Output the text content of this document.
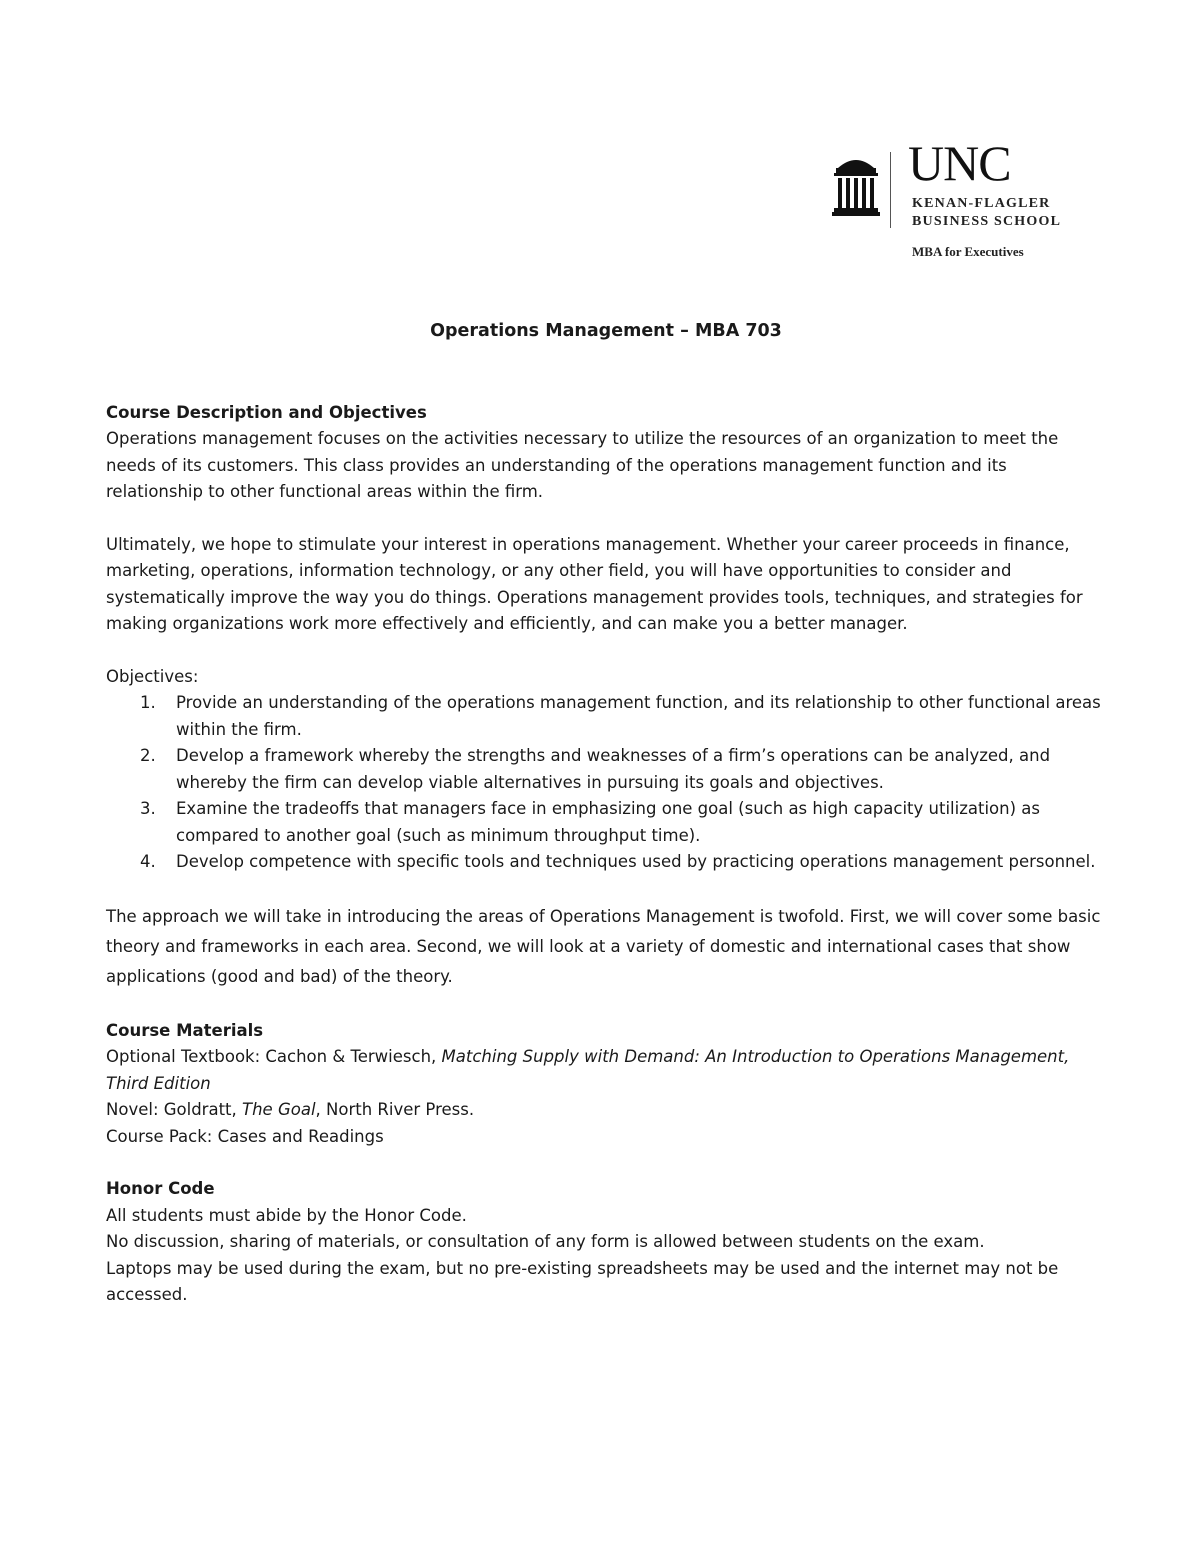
UNC
KENAN-FLAGLER
BUSINESS SCHOOL
MBA for Executives
Operations Management – MBA 703

Course Description and Objectives

Operations management focuses on the activities necessary to utilize the resources of an organization to meet the needs of its customers. This class provides an understanding of the operations management function and its relationship to other functional areas within the firm.

Ultimately, we hope to stimulate your interest in operations management. Whether your career proceeds in finance, marketing, operations, information technology, or any other field, you will have opportunities to consider and systematically improve the way you do things. Operations management provides tools, techniques, and strategies for making organizations work more effectively and efficiently, and can make you a better manager.

Objectives:

1. Provide an understanding of the operations management function, and its relationship to other functional areas within the firm.
2. Develop a framework whereby the strengths and weaknesses of a firm’s operations can be analyzed, and whereby the firm can develop viable alternatives in pursuing its goals and objectives.
3. Examine the tradeoffs that managers face in emphasizing one goal (such as high capacity utilization) as compared to another goal (such as minimum throughput time).
4. Develop competence with specific tools and techniques used by practicing operations management personnel.

The approach we will take in introducing the areas of Operations Management is twofold. First, we will cover some basic theory and frameworks in each area. Second, we will look at a variety of domestic and international cases that show applications (good and bad) of the theory.

Course Materials

Optional Textbook: Cachon & Terwiesch, Matching Supply with Demand: An Introduction to Operations Management, Third Edition

Novel: Goldratt, The Goal, North River Press.

Course Pack: Cases and Readings

Honor Code

All students must abide by the Honor Code.

No discussion, sharing of materials, or consultation of any form is allowed between students on the exam.

Laptops may be used during the exam, but no pre-existing spreadsheets may be used and the internet may not be accessed.
